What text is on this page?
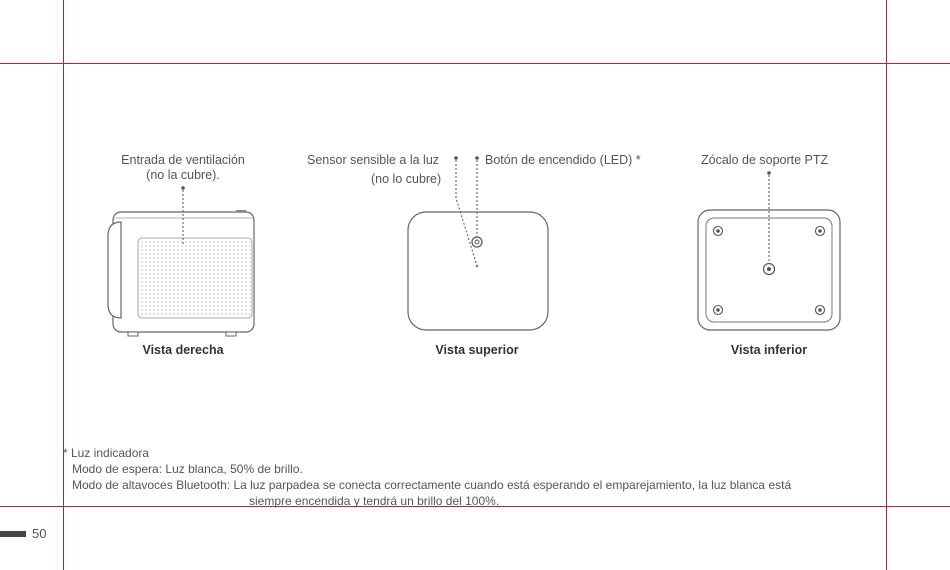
Entrada de ventilación
(no la cubre).
Sensor sensible a la luz
(no lo cubre)
Botón de encendido (LED) *	Zócalo de soporte PTZ
Vista derecha	Vista superior	Vista inferior
* Luz indicadora
Modo de espera: Luz blanca, 50% de brillo.
Modo de altavoces Bluetooth: La luz parpadea se conecta correctamente cuando está esperando el emparejamiento, la luz blanca está
siempre encendida y tendrá un brillo del 100%.
50
